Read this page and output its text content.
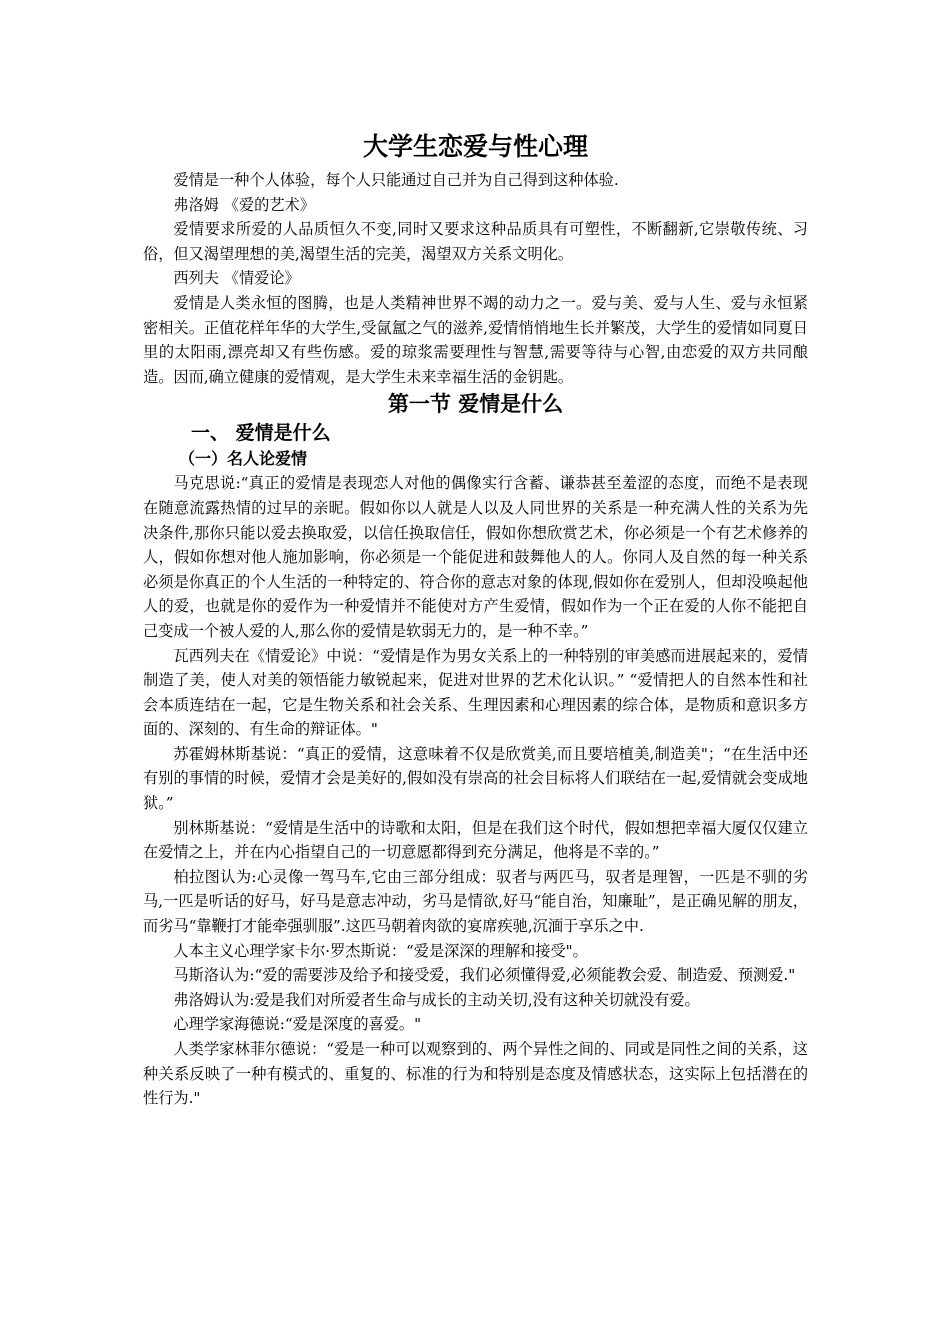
大学生恋爱与性心理

爱情是一种个人体验，每个人只能通过自己并为自己得到这种体验.

弗洛姆 《爱的艺术》

爱情要求所爱的人品质恒久不变,同时又要求这种品质具有可塑性，不断翻新,它崇敬传统、习俗，但又渴望理想的美,渴望生活的完美，渴望双方关系文明化。

西列夫 《情爱论》

爱情是人类永恒的图腾，也是人类精神世界不竭的动力之一。爱与美、爱与人生、爱与永恒紧密相关。正值花样年华的大学生,受氤氲之气的滋养,爱情悄悄地生长并繁茂，大学生的爱情如同夏日里的太阳雨,漂亮却又有些伤感。爱的琼浆需要理性与智慧,需要等待与心智,由恋爱的双方共同酿造。因而,确立健康的爱情观，是大学生未来幸福生活的金钥匙。

第一节 爱情是什么
一、 爱情是什么
（一）名人论爱情

马克思说:“真正的爱情是表现恋人对他的偶像实行含蓄、谦恭甚至羞涩的态度，而绝不是表现在随意流露热情的过早的亲昵。假如你以人就是人以及人同世界的关系是一种充满人性的关系为先决条件,那你只能以爱去换取爱，以信任换取信任，假如你想欣赏艺术，你必须是一个有艺术修养的人，假如你想对他人施加影响，你必须是一个能促进和鼓舞他人的人。你同人及自然的每一种关系必须是你真正的个人生活的一种特定的、符合你的意志对象的体现,假如你在爱别人，但却没唤起他人的爱，也就是你的爱作为一种爱情并不能使对方产生爱情，假如作为一个正在爱的人你不能把自己变成一个被人爱的人,那么你的爱情是软弱无力的，是一种不幸。”

瓦西列夫在《情爱论》中说：“爱情是作为男女关系上的一种特别的审美感而进展起来的，爱情制造了美，使人对美的领悟能力敏锐起来，促进对世界的艺术化认识。” “爱情把人的自然本性和社会本质连结在一起，它是生物关系和社会关系、生理因素和心理因素的综合体，是物质和意识多方面的、深刻的、有生命的辩证体。"

苏霍姆林斯基说：“真正的爱情，这意味着不仅是欣赏美,而且要培植美,制造美"；“在生活中还有别的事情的时候，爱情才会是美好的,假如没有崇高的社会目标将人们联结在一起,爱情就会变成地狱。”

别林斯基说：“爱情是生活中的诗歌和太阳，但是在我们这个时代，假如想把幸福大厦仅仅建立在爱情之上，并在内心指望自己的一切意愿都得到充分满足，他将是不幸的。”

柏拉图认为:心灵像一驾马车,它由三部分组成：驭者与两匹马，驭者是理智，一匹是不驯的劣马,一匹是听话的好马，好马是意志冲动，劣马是情欲,好马“能自治，知廉耻”，是正确见解的朋友，而劣马“靠鞭打才能牵强驯服”.这匹马朝着肉欲的宴席疾驰,沉湎于享乐之中.

人本主义心理学家卡尔·罗杰斯说：“爱是深深的理解和接受"。

马斯洛认为:“爱的需要涉及给予和接受爱，我们必须懂得爱,必须能教会爱、制造爱、预测爱."

弗洛姆认为:爱是我们对所爱者生命与成长的主动关切,没有这种关切就没有爱。

心理学家海德说:“爱是深度的喜爱。"

人类学家林菲尔德说：“爱是一种可以观察到的、两个异性之间的、同或是同性之间的关系，这种关系反映了一种有模式的、重复的、标准的行为和特别是态度及情感状态，这实际上包括潜在的性行为."
